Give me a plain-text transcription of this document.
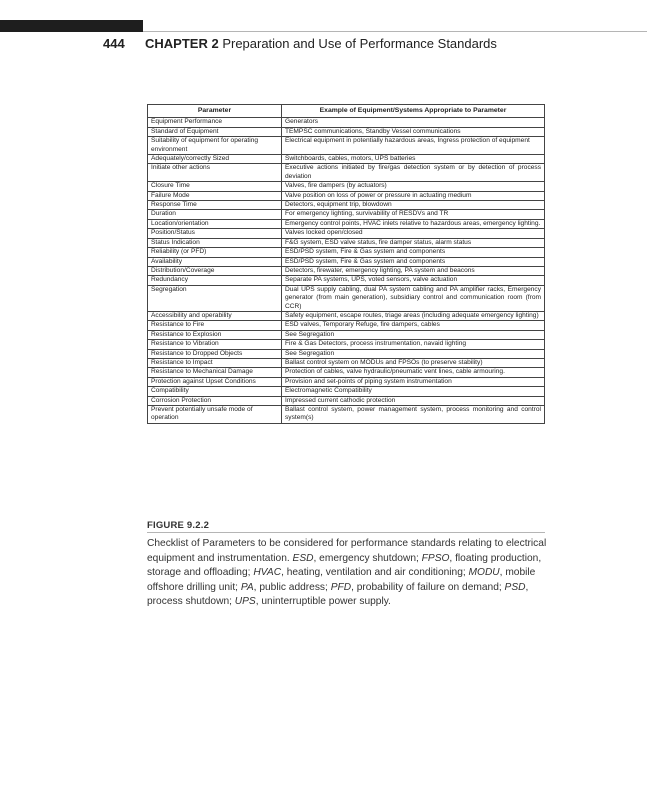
444 CHAPTER 2 Preparation and Use of Performance Standards
Parameter	Example of Equipment/Systems Appropriate to Parameter
Equipment Performance	Generators
Standard of Equipment	TEMPSC communications, Standby Vessel communications
Suitability of equipment for operating environment	Electrical equipment in potentially hazardous areas, Ingress protection of equipment
Adequately/correctly Sized	Switchboards, cables, motors, UPS batteries
Initiate other actions	Executive actions initiated by fire/gas detection system or by detection of process deviation
Closure Time	Valves, fire dampers (by actuators)
Failure Mode	Valve position on loss of power or pressure in actuating medium
Response Time	Detectors, equipment trip, blowdown
Duration	For emergency lighting, survivability of RESDVs and TR
Location/orientation	Emergency control points, HVAC inlets relative to hazardous areas, emergency lighting.
Position/Status	Valves locked open/closed
Status Indication	F&G system, ESD valve status, fire damper status, alarm status
Reliability (or PFD)	ESD/PSD system, Fire & Gas system and components
Availability	ESD/PSD system, Fire & Gas system and components
Distribution/Coverage	Detectors, firewater, emergency lighting, PA system and beacons
Redundancy	Separate PA systems, UPS, voted sensors, valve actuation
Segregation	Dual UPS supply cabling, dual PA system cabling and PA amplifier racks, Emergency generator (from main generation), subsidiary control and communication room (from CCR)
Accessibility and operability	Safety equipment, escape routes, triage areas (including adequate emergency lighting)
Resistance to Fire	ESD valves, Temporary Refuge, fire dampers, cables
Resistance to Explosion	See Segregation
Resistance to Vibration	Fire & Gas Detectors, process instrumentation, navaid lighting
Resistance to Dropped Objects	See Segregation
Resistance to Impact	Ballast control system on MODUs and FPSOs (to preserve stability)
Resistance to Mechanical Damage	Protection of cables, valve hydraulic/pneumatic vent lines, cable armouring.
Protection against Upset Conditions	Provision and set-points of piping system instrumentation
Compatibility	Electromagnetic Compatibility
Corrosion Protection	Impressed current cathodic protection
Prevent potentially unsafe mode of operation	Ballast control system, power management system, process monitoring and control system(s)
FIGURE 9.2.2
Checklist of Parameters to be considered for performance standards relating to electrical equipment and instrumentation. ESD, emergency shutdown; FPSO, floating production, storage and offloading; HVAC, heating, ventilation and air conditioning; MODU, mobile offshore drilling unit; PA, public address; PFD, probability of failure on demand; PSD, process shutdown; UPS, uninterruptible power supply.
